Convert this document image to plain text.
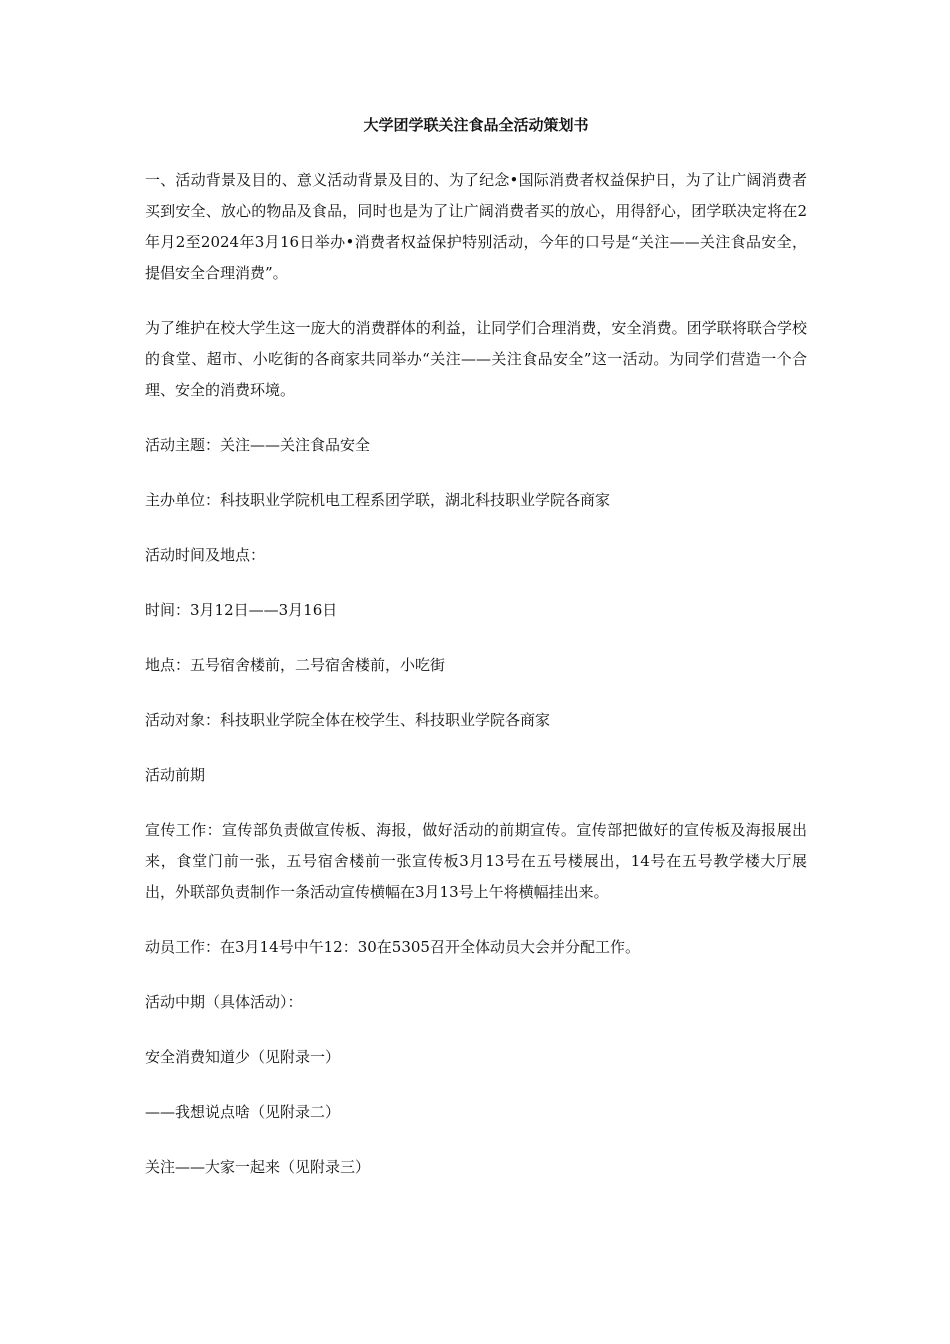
大学团学联关注食品全活动策划书

一、活动背景及目的、意义活动背景及目的、为了纪念•国际消费者权益保护日，为了让广阔消费者买到安全、放心的物品及食品，同时也是为了让广阔消费者买的放心，用得舒心，团学联决定将在2年月2至2024年3月16日举办•消费者权益保护特别活动，今年的口号是“关注——关注食品安全，提倡安全合理消费”。

为了维护在校大学生这一庞大的消费群体的利益，让同学们合理消费，安全消费。团学联将联合学校的食堂、超市、小吃街的各商家共同举办“关注——关注食品安全”这一活动。为同学们营造一个合理、安全的消费环境。

活动主题：关注——关注食品安全

主办单位：科技职业学院机电工程系团学联，湖北科技职业学院各商家

活动时间及地点：

时间：3月12日——3月16日

地点：五号宿舍楼前，二号宿舍楼前，小吃街

活动对象：科技职业学院全体在校学生、科技职业学院各商家

活动前期

宣传工作：宣传部负责做宣传板、海报，做好活动的前期宣传。宣传部把做好的宣传板及海报展出来，食堂门前一张，五号宿舍楼前一张宣传板3月13号在五号楼展出，14号在五号教学楼大厅展出，外联部负责制作一条活动宣传横幅在3月13号上午将横幅挂出来。

动员工作：在3月14号中午12：30在5305召开全体动员大会并分配工作。

活动中期（具体活动）：

安全消费知道少（见附录一）

——我想说点啥（见附录二）

关注——大家一起来（见附录三）
